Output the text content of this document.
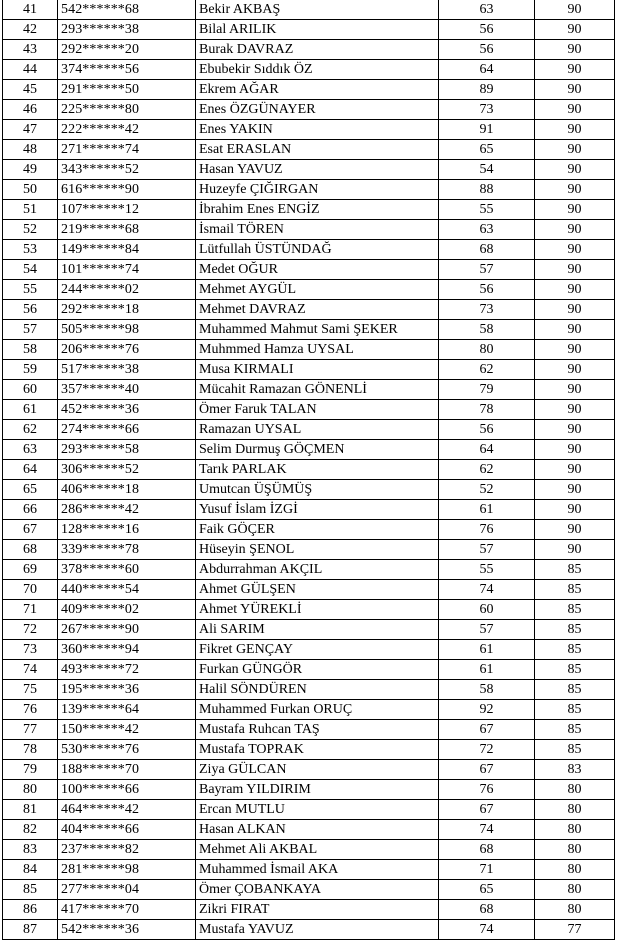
41	542******68	Bekir AKBAŞ	63	90
42	293******38	Bilal ARILIK	56	90
43	292******20	Burak DAVRAZ	56	90
44	374******56	Ebubekir Sıddık ÖZ	64	90
45	291******50	Ekrem AĞAR	89	90
46	225******80	Enes ÖZGÜNAYER	73	90
47	222******42	Enes YAKIN	91	90
48	271******74	Esat ERASLAN	65	90
49	343******52	Hasan YAVUZ	54	90
50	616******90	Huzeyfe ÇIĞIRGAN	88	90
51	107******12	İbrahim Enes ENGİZ	55	90
52	219******68	İsmail TÖREN	63	90
53	149******84	Lütfullah ÜSTÜNDAĞ	68	90
54	101******74	Medet OĞUR	57	90
55	244******02	Mehmet AYGÜL	56	90
56	292******18	Mehmet DAVRAZ	73	90
57	505******98	Muhammed Mahmut Sami ŞEKER	58	90
58	206******76	Muhmmed Hamza UYSAL	80	90
59	517******38	Musa KIRMALI	62	90
60	357******40	Mücahit Ramazan GÖNENLİ	79	90
61	452******36	Ömer Faruk TALAN	78	90
62	274******66	Ramazan UYSAL	56	90
63	293******58	Selim Durmuş GÖÇMEN	64	90
64	306******52	Tarık PARLAK	62	90
65	406******18	Umutcan ÜŞÜMÜŞ	52	90
66	286******42	Yusuf İslam İZGİ	61	90
67	128******16	Faik GÖÇER	76	90
68	339******78	Hüseyin ŞENOL	57	90
69	378******60	Abdurrahman AKÇIL	55	85
70	440******54	Ahmet GÜLŞEN	74	85
71	409******02	Ahmet YÜREKLİ	60	85
72	267******90	Ali SARIM	57	85
73	360******94	Fikret GENÇAY	61	85
74	493******72	Furkan GÜNGÖR	61	85
75	195******36	Halil SÖNDÜREN	58	85
76	139******64	Muhammed Furkan ORUÇ	92	85
77	150******42	Mustafa Ruhcan TAŞ	67	85
78	530******76	Mustafa TOPRAK	72	85
79	188******70	Ziya GÜLCAN	67	83
80	100******66	Bayram YILDIRIM	76	80
81	464******42	Ercan MUTLU	67	80
82	404******66	Hasan ALKAN	74	80
83	237******82	Mehmet Ali AKBAL	68	80
84	281******98	Muhammed İsmail AKA	71	80
85	277******04	Ömer ÇOBANKAYA	65	80
86	417******70	Zikri FIRAT	68	80
87	542******36	Mustafa YAVUZ	74	77
